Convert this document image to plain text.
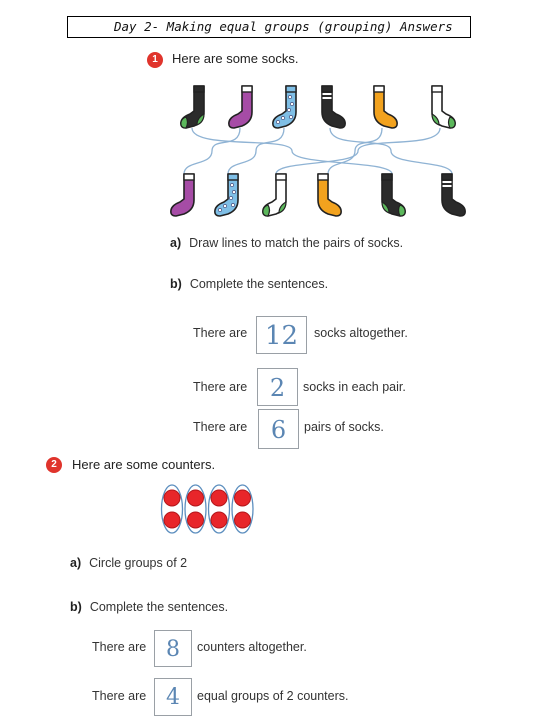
Day 2- Making equal groups (grouping) Answers
1	Here are some socks.
a) Draw lines to match the pairs of socks.
b) Complete the sentences.
There are 12	socks altogether.
There are 2	socks in each pair.
There are 6	pairs of socks.
2	Here are some counters.
a) Circle groups of 2
b) Complete the sentences.
There are 8	counters altogether.
There are 4	equal groups of 2 counters.
